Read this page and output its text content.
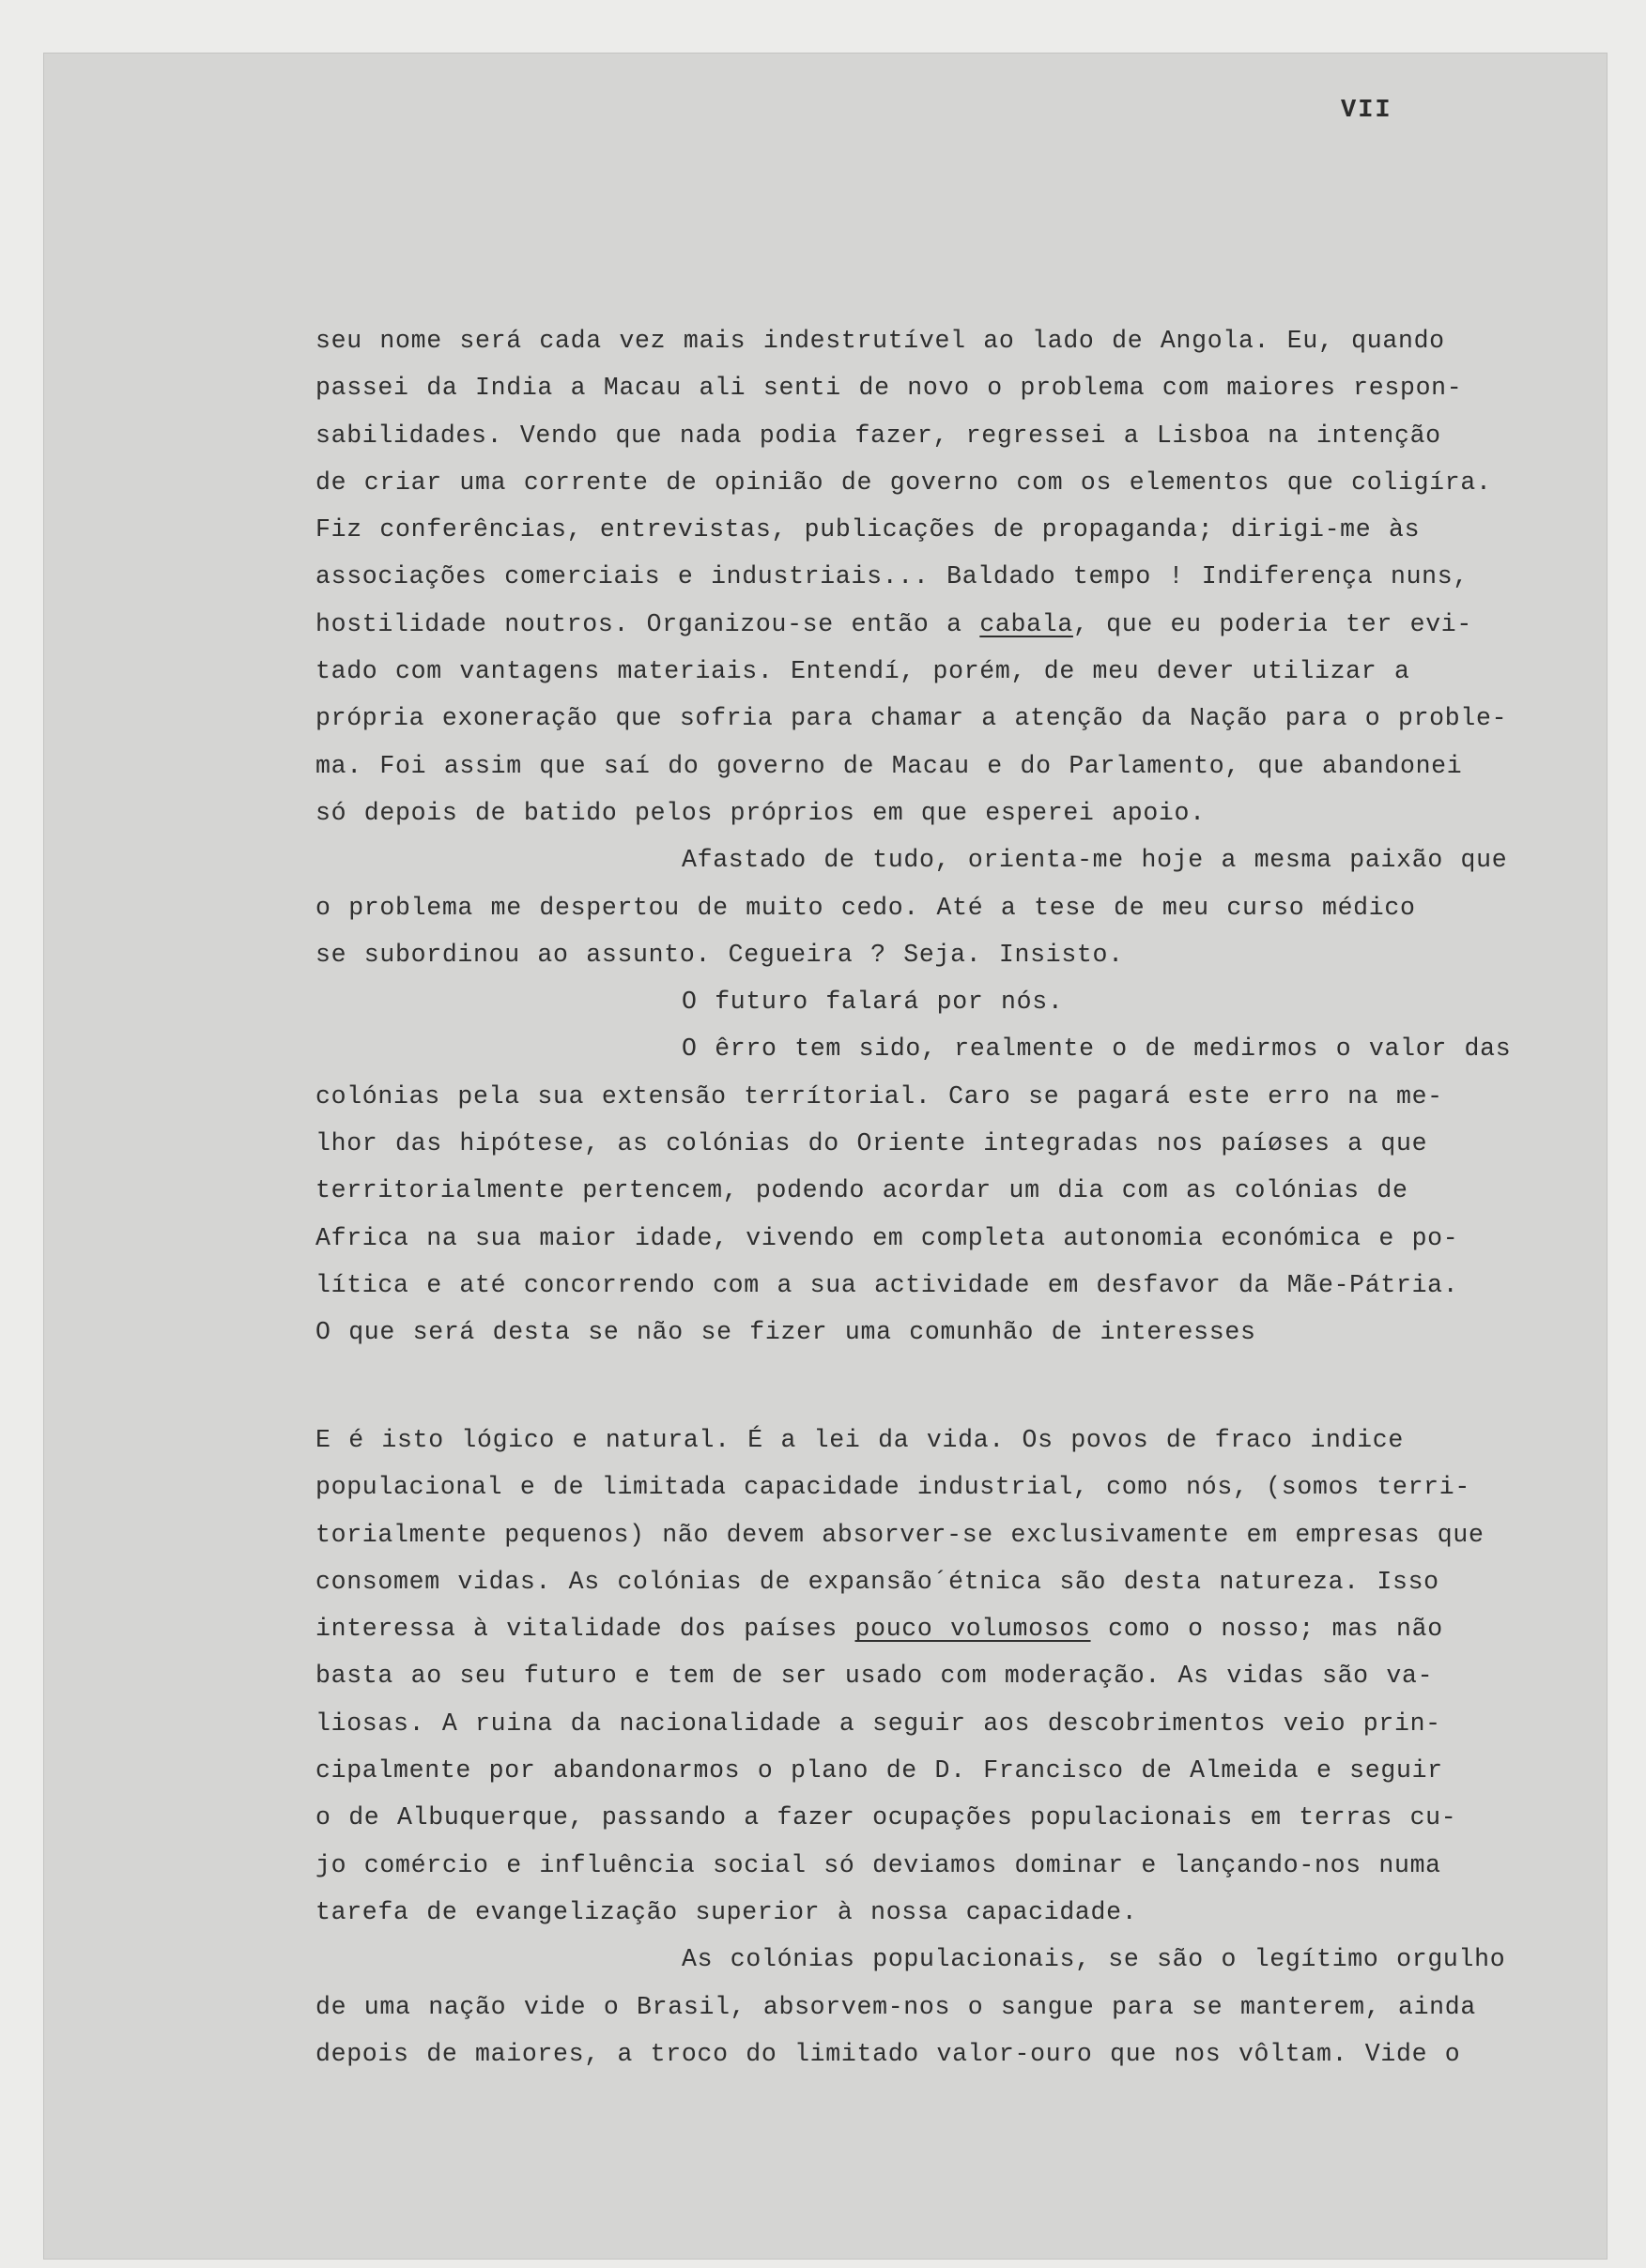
VII
seu nome será cada vez mais indestrutível ao lado de Angola. Eu, quando
passei da India a Macau ali senti de novo o problema com maiores respon-
sabilidades. Vendo que nada podia fazer, regressei a Lisboa na intenção
de criar uma corrente de opinião de governo com os elementos que coligíra.
Fiz conferências, entrevistas, publicações de propaganda; dirigi-me às
associações comerciais e industriais... Baldado tempo ! Indiferença nuns,
hostilidade noutros. Organizou-se então a cabala, que eu poderia ter evi-
tado com vantagens materiais. Entendí, porém, de meu dever utilizar a
própria exoneração que sofria para chamar a atenção da Nação para o proble-
ma. Foi assim que saí do governo de Macau e do Parlamento, que abandonei
só depois de batido pelos próprios em que esperei apoio.
Afastado de tudo, orienta-me hoje a mesma paixão que
o problema me despertou de muito cedo. Até a tese de meu curso médico
se subordinou ao assunto. Cegueira ? Seja. Insisto.
O futuro falará por nós.
O êrro tem sido, realmente o de medirmos o valor das
colónias pela sua extensão terrítorial. Caro se pagará este erro na me-
lhor das hipótese, as colónias do Oriente integradas nos paíøses a que
territorialmente pertencem, podendo acordar um dia com as colónias de
Africa na sua maior idade, vivendo em completa autonomia económica e po-
lítica e até concorrendo com a sua actividade em desfavor da Mãe-Pátria.
O que será desta se não se fizer uma comunhão de interesses
E é isto lógico e natural. É a lei da vida. Os povos de fraco indice
populacional e de limitada capacidade industrial, como nós, (somos terri-
torialmente pequenos) não devem absorver-se exclusivamente em empresas que
consomem vidas. As colónias de expansão´étnica são desta natureza. Isso
interessa à vitalidade dos países pouco volumosos como o nosso; mas não
basta ao seu futuro e tem de ser usado com moderação. As vidas são va-
liosas. A ruina da nacionalidade a seguir aos descobrimentos veio prin-
cipalmente por abandonarmos o plano de D. Francisco de Almeida e seguir
o de Albuquerque, passando a fazer ocupações populacionais em terras cu-
jo comércio e influência social só deviamos dominar e lançando-nos numa
tarefa de evangelização superior à nossa capacidade.
As colónias populacionais, se são o legítimo orgulho
de uma nação vide o Brasil, absorvem-nos o sangue para se manterem, ainda
depois de maiores, a troco do limitado valor-ouro que nos vôltam. Vide o
